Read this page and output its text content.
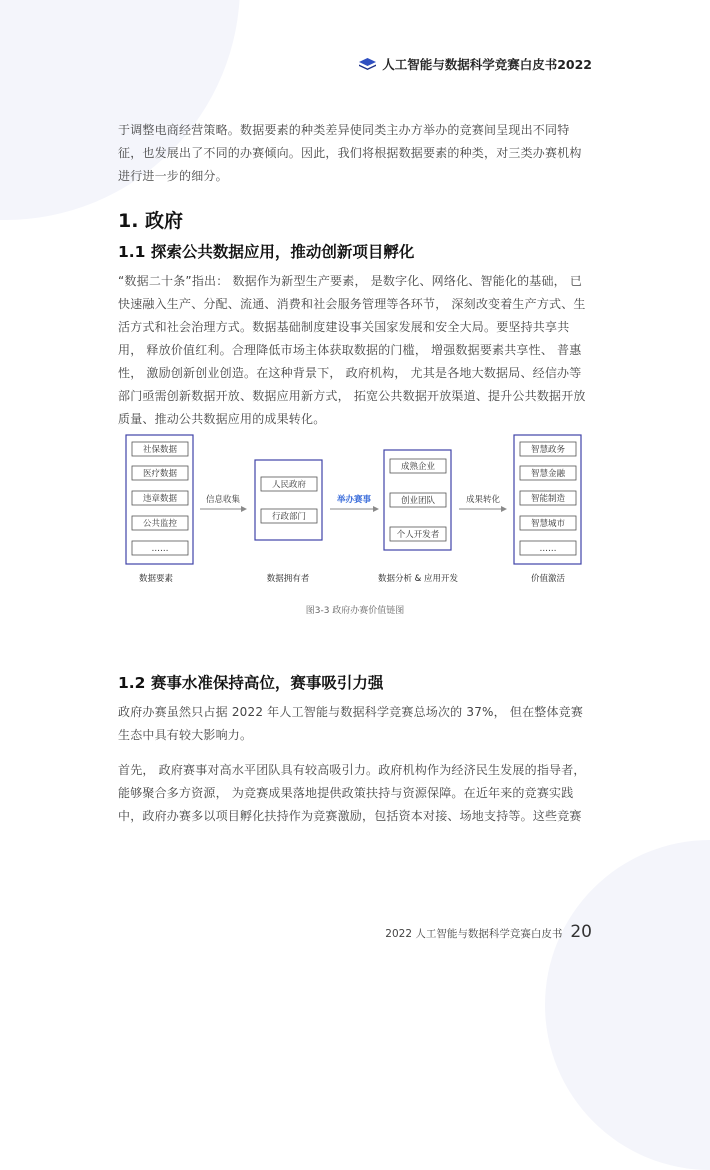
人工智能与数据科学竞赛白皮书2022

于调整电商经营策略。数据要素的种类差异使同类主办方举办的竞赛间呈现出不同特征，也发展出了不同的办赛倾向。因此，我们将根据数据要素的种类，对三类办赛机构进行进一步的细分。

1. 政府
1.1 探索公共数据应用，推动创新项目孵化

“数据二十条”指出： 数据作为新型生产要素， 是数字化、网络化、智能化的基础， 已快速融入生产、分配、流通、消费和社会服务管理等各环节， 深刻改变着生产方式、生活方式和社会治理方式。数据基础制度建设事关国家发展和安全大局。要坚持共享共用， 释放价值红利。合理降低市场主体获取数据的门槛， 增强数据要素共享性、 普惠性， 激励创新创业创造。在这种背景下， 政府机构， 尤其是各地大数据局、经信办等部门亟需创新数据开放、数据应用新方式， 拓宽公共数据开放渠道、提升公共数据开放质量、推动公共数据应用的成果转化。

社保数据
医疗数据
违章数据
公共监控
……
信息收集
人民政府
行政部门
举办赛事
成熟企业
创业团队
个人开发者
成果转化
智慧政务
智慧金融
智能制造
智慧城市
……
数据要素	数据拥有者	数据分析 & 应用开发	价值激活
图3-3 政府办赛价值链图
1.2 赛事水准保持高位，赛事吸引力强

政府办赛虽然只占据 2022 年人工智能与数据科学竞赛总场次的 37%， 但在整体竞赛生态中具有较大影响力。

首先， 政府赛事对高水平团队具有较高吸引力。政府机构作为经济民生发展的指导者，能够聚合多方资源， 为竞赛成果落地提供政策扶持与资源保障。在近年来的竞赛实践中，政府办赛多以项目孵化扶持作为竞赛激励，包括资本对接、场地支持等。这些竞赛

2022 人工智能与数据科学竞赛白皮书 20
